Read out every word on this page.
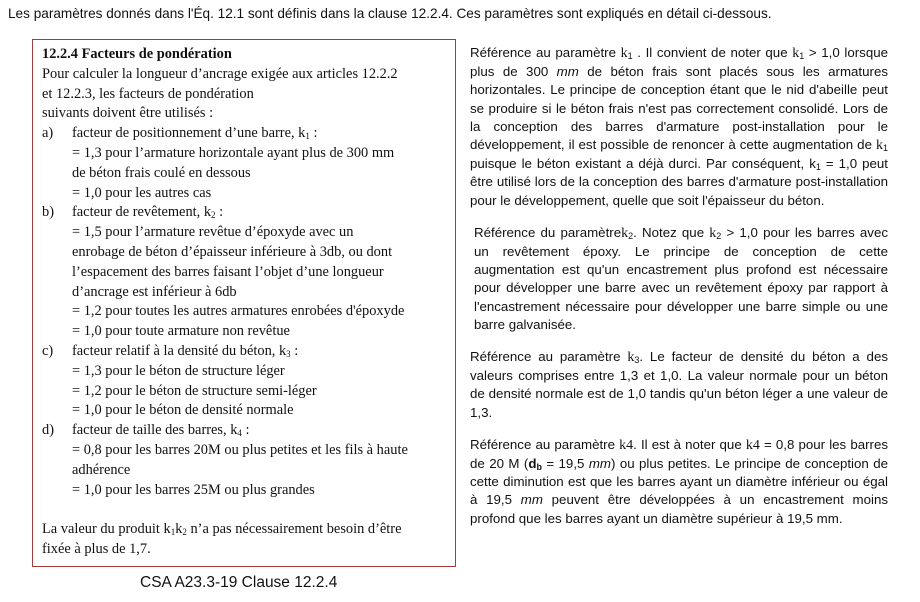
Les paramètres donnés dans l'Éq. 12.1 sont définis dans la clause 12.2.4. Ces paramètres sont expliqués en détail ci-dessous.
12.2.4 Facteurs de pondération
Pour calculer la longueur d’ancrage exigée aux articles 12.2.2
et 12.2.3, les facteurs de pondération
suivants doivent être utilisés :
a)	facteur de positionnement d’une barre, $k_1$ :
= 1,3 pour l’armature horizontale ayant plus de 300 mm
de béton frais coulé en dessous
= 1,0 pour les autres cas
b)	facteur de revêtement, $k_2$ :
= 1,5 pour l’armature revêtue d’époxyde avec un
enrobage de béton d’épaisseur inférieure à 3db, ou dont
l’espacement des barres faisant l’objet d’une longueur
d’ancrage est inférieur à 6db
= 1,2 pour toutes les autres armatures enrobées d'époxyde
= 1,0 pour toute armature non revêtue
c)	facteur relatif à la densité du béton, $k_3$ :
= 1,3 pour le béton de structure léger
= 1,2 pour le béton de structure semi-léger
= 1,0 pour le béton de densité normale
d)	facteur de taille des barres, $k_4$ :
= 0,8 pour les barres 20M ou plus petites et les fils à haute
adhérence
= 1,0 pour les barres 25M ou plus grandes
La valeur du produit $k_1k_2$ n’a pas nécessairement besoin d’être
fixée à plus de 1,7.
CSA A23.3-19 Clause 12.2.4

Référence au paramètre $k_1$ . Il convient de noter que $k_1 > 1,0$ lorsque plus de 300 mm de béton frais sont placés sous les armatures horizontales. Le principe de conception étant que le nid d'abeille peut se produire si le béton frais n'est pas correctement consolidé. Lors de la conception des barres d'armature post-installation pour le développement, il est possible de renoncer à cette augmentation de $k_1$ puisque le béton existant a déjà durci. Par conséquent, $k_1 = 1,0$ peut être utilisé lors de la conception des barres d'armature post-installation pour le développement, quelle que soit l'épaisseur du béton.

Référence du paramètrek$_2$. Notez que $k_2 > 1,0$ pour les barres avec un revêtement époxy. Le principe de conception de cette augmentation est qu'un encastrement plus profond est nécessaire pour développer une barre avec un revêtement époxy par rapport à l'encastrement nécessaire pour développer une barre simple ou une barre galvanisée.

Référence au paramètre $k_3$. Le facteur de densité du béton a des valeurs comprises entre 1,3 et 1,0. La valeur normale pour un béton de densité normale est de 1,0 tandis qu'un béton léger a une valeur de 1,3.

Référence au paramètre k4. Il est à noter que k4 = 0,8 pour les barres de 20 M ($d_b = 19,5$ mm) ou plus petites. Le principe de conception de cette diminution est que les barres ayant un diamètre inférieur ou égal à 19,5 mm peuvent être développées à un encastrement moins profond que les barres ayant un diamètre supérieur à 19,5 mm.
